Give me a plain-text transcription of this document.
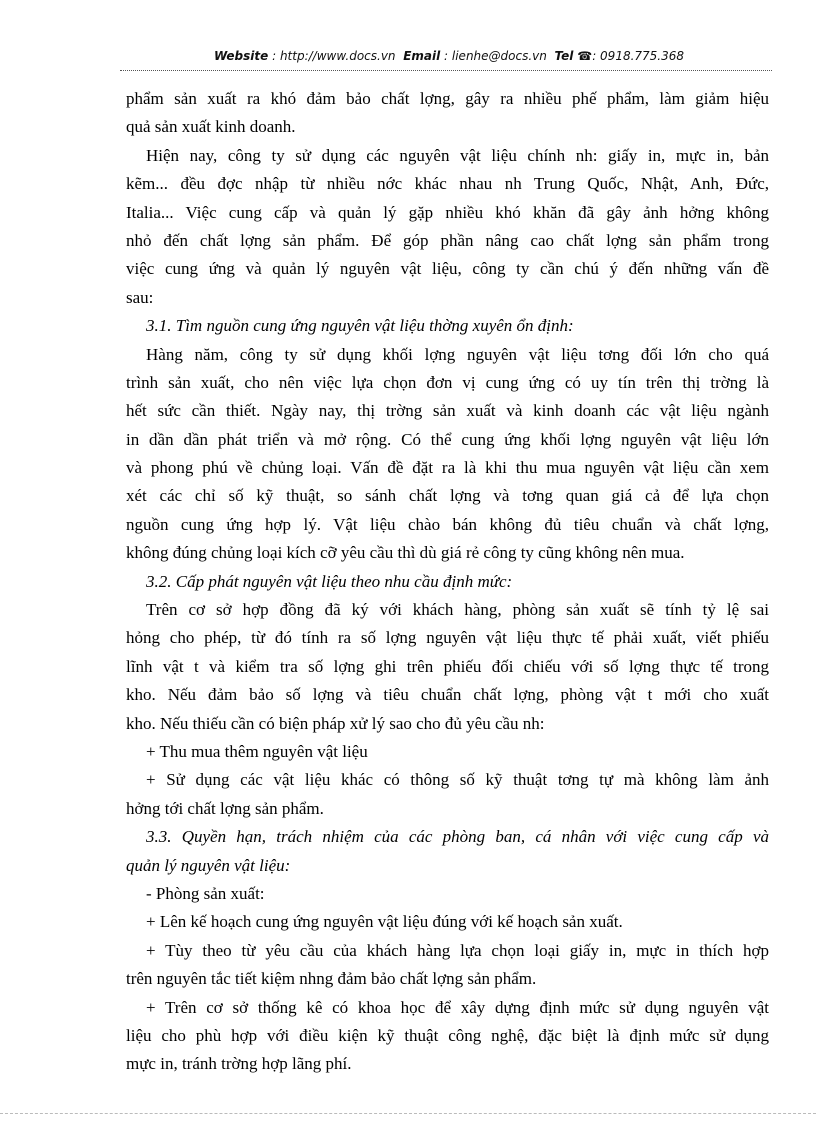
Website : http://www.docs.vn Email : lienhe@docs.vn Tel ☎: 0918.775.368
phẩm sản xuất ra khó đảm bảo chất lợng, gây ra nhiều phế phẩm, làm giảm hiệu
quả sản xuất kinh doanh.
Hiện nay, công ty sử dụng các nguyên vật liệu chính nh: giấy in, mực in, bản
kẽm... đều đợc nhập từ nhiều nớc khác nhau nh Trung Quốc, Nhật, Anh, Đức,
Italia... Việc cung cấp và quản lý gặp nhiều khó khăn đã gây ảnh hởng không
nhỏ đến chất lợng sản phẩm. Để góp phần nâng cao chất lợng sản phẩm trong
việc cung ứng và quản lý nguyên vật liệu, công ty cần chú ý đến những vấn đề
sau:
3.1. Tìm nguồn cung ứng nguyên vật liệu thờng xuyên ổn định:
Hàng năm, công ty sử dụng khối lợng nguyên vật liệu tơng đối lớn cho quá
trình sản xuất, cho nên việc lựa chọn đơn vị cung ứng có uy tín trên thị trờng là
hết sức cần thiết. Ngày nay, thị trờng sản xuất và kinh doanh các vật liệu ngành
in dần dần phát triển và mở rộng. Có thể cung ứng khối lợng nguyên vật liệu lớn
và phong phú về chủng loại. Vấn đề đặt ra là khi thu mua nguyên vật liệu cần xem
xét các chỉ số kỹ thuật, so sánh chất lợng và tơng quan giá cả để lựa chọn
nguồn cung ứng hợp lý. Vật liệu chào bán không đủ tiêu chuẩn và chất lợng,
không đúng chủng loại kích cỡ yêu cầu thì dù giá rẻ công ty cũng không nên mua.
3.2. Cấp phát nguyên vật liệu theo nhu cầu định mức:
Trên cơ sở hợp đồng đã ký với khách hàng, phòng sản xuất sẽ tính tỷ lệ sai
hỏng cho phép, từ đó tính ra số lợng nguyên vật liệu thực tế phải xuất, viết phiếu
lĩnh vật t và kiểm tra số lợng ghi trên phiếu đối chiếu với số lợng thực tế trong
kho. Nếu đảm bảo số lợng và tiêu chuẩn chất lợng, phòng vật t mới cho xuất
kho. Nếu thiếu cần có biện pháp xử lý sao cho đủ yêu cầu nh:
+ Thu mua thêm nguyên vật liệu
+ Sử dụng các vật liệu khác có thông số kỹ thuật tơng tự mà không làm ảnh
hởng tới chất lợng sản phẩm.
3.3. Quyền hạn, trách nhiệm của các phòng ban, cá nhân với việc cung cấp và
quản lý nguyên vật liệu:
- Phòng sản xuất:
+ Lên kế hoạch cung ứng nguyên vật liệu đúng với kế hoạch sản xuất.
+ Tùy theo từ yêu cầu của khách hàng lựa chọn loại giấy in, mực in thích hợp
trên nguyên tắc tiết kiệm nhng đảm bảo chất lợng sản phẩm.
+ Trên cơ sở thống kê có khoa học để xây dựng định mức sử dụng nguyên vật
liệu cho phù hợp với điều kiện kỹ thuật công nghệ, đặc biệt là định mức sử dụng
mực in, tránh trờng hợp lãng phí.
